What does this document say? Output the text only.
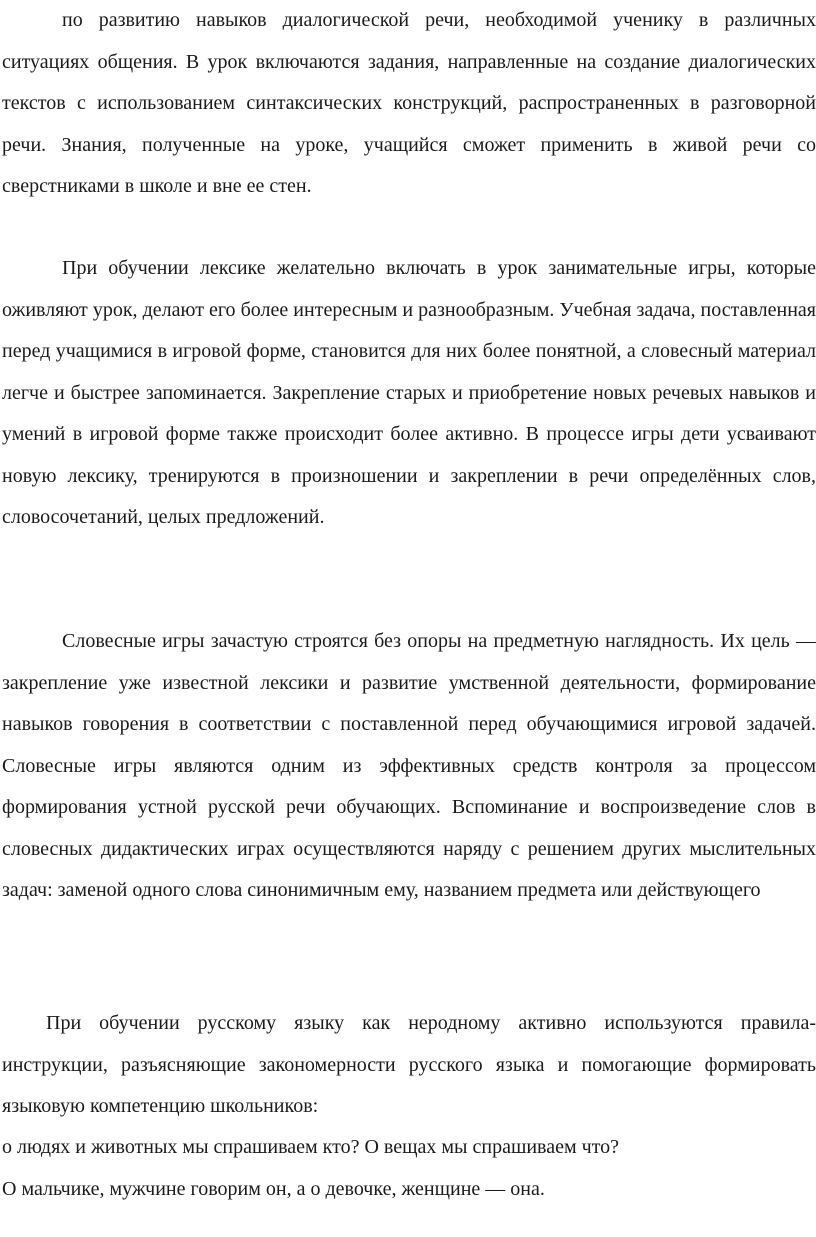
по развитию навыков диалогической речи, необходимой ученику в различных ситуациях общения. В урок включаются задания, направленные на создание диалогических текстов с использованием синтаксических конструкций, распространенных в разговорной речи. Знания, полученные на уроке, учащийся сможет применить в живой речи со сверстниками в школе и вне ее стен.

При обучении лексике желательно включать в урок занимательные игры, которые оживляют урок, делают его более интересным и разнообразным. Учебная задача, поставленная перед учащимися в игровой форме, становится для них более понятной, а словесный материал легче и быстрее запоминается. Закрепление старых и приобретение новых речевых навыков и умений в игровой форме также происходит более активно. В процессе игры дети усваивают новую лексику, тренируются в произношении и закреплении в речи определённых слов, словосочетаний, целых предложений.

Словесные игры зачастую строятся без опоры на предметную наглядность. Их цель — закрепление уже известной лексики и развитие умственной деятельности, формирование навыков говорения в соответствии с поставленной перед обучающимися игровой задачей. Словесные игры являются одним из эффективных средств контроля за процессом формирования устной русской речи обучающих. Вспоминание и воспроизведение слов в словесных дидактических играх осуществляются наряду с решением других мыслительных задач: заменой одного слова синонимичным ему, названием предмета или действующего

При обучении русскому языку как неродному активно используются правила-инструкции, разъясняющие закономерности русского языка и помогающие формировать языковую компетенцию школьников:

о людях и животных мы спрашиваем кто? О вещах мы спрашиваем что?

О мальчике, мужчине говорим он, а о девочке, женщине — она.
